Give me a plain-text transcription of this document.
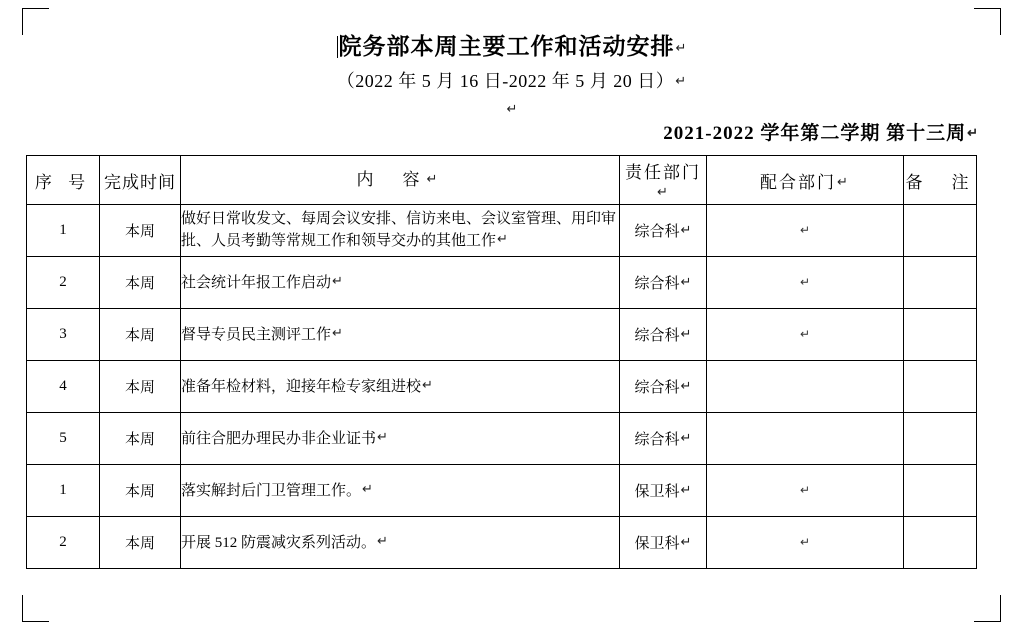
院务部本周主要工作和活动安排↵
（2022 年 5 月 16 日-2022 年 5 月 20 日）↵
↵
2021-2022 学年第二学期 第十三周↵
序 号	完成时间	内　容↵	责任部门↵	配合部门↵	备　注
1	本周	做好日常收发文、每周会议安排、信访来电、会议室管理、用印审批、人员考勤等常规工作和领导交办的其他工作↵	综合科↵	↵	
2	本周	社会统计年报工作启动↵	综合科↵	↵	
3	本周	督导专员民主测评工作↵	综合科↵	↵	
4	本周	准备年检材料，迎接年检专家组进校↵	综合科↵		
5	本周	前往合肥办理民办非企业证书↵	综合科↵		
1	本周	落实解封后门卫管理工作。↵	保卫科↵	↵	
2	本周	开展 512 防震减灾系列活动。↵	保卫科↵	↵	
